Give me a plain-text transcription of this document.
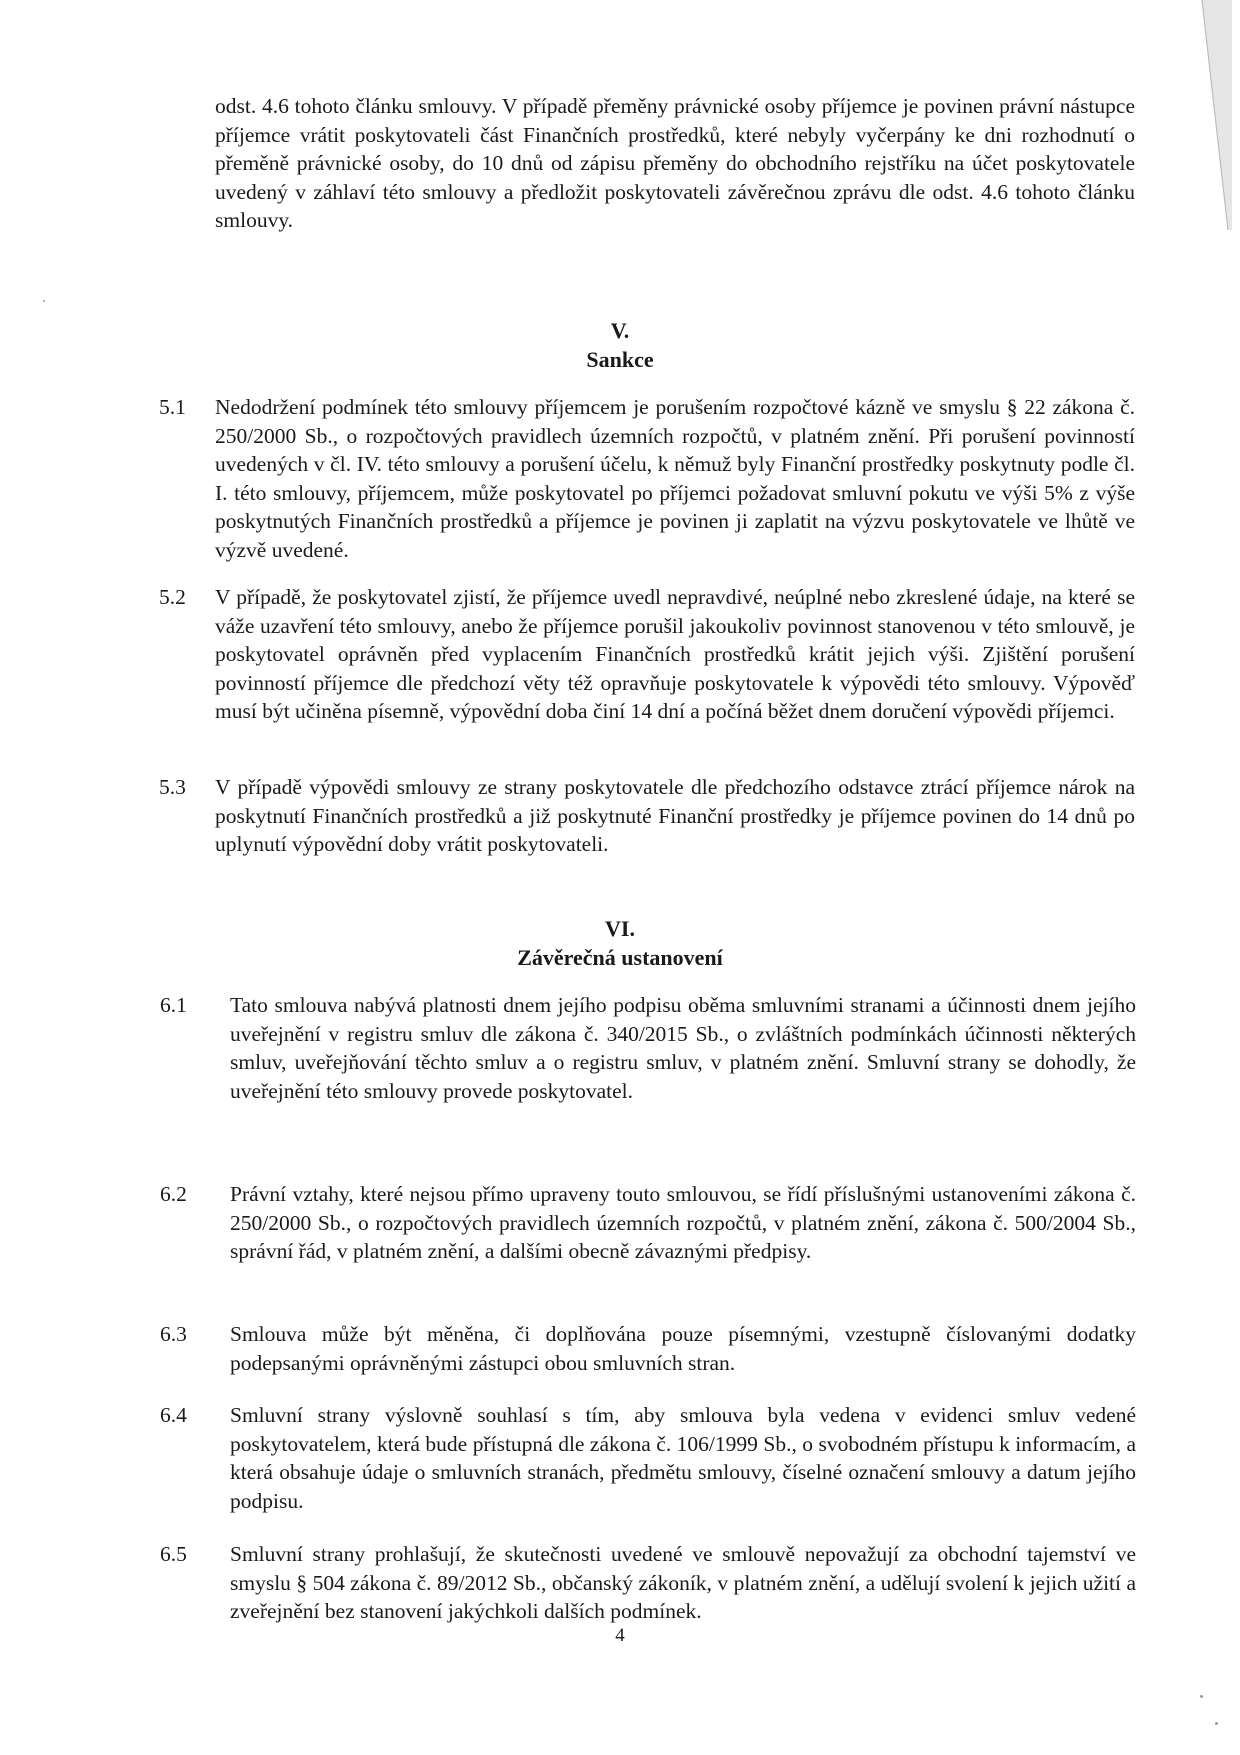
odst. 4.6 tohoto článku smlouvy. V případě přeměny právnické osoby příjemce je povinen právní nástupce příjemce vrátit poskytovateli část Finančních prostředků, které nebyly vyčerpány ke dni rozhodnutí o přeměně právnické osoby, do 10 dnů od zápisu přeměny do obchodního rejstříku na účet poskytovatele uvedený v záhlaví této smlouvy a předložit poskytovateli závěrečnou zprávu dle odst. 4.6 tohoto článku smlouvy.

V.
Sankce
5.1 Nedodržení podmínek této smlouvy příjemcem je porušením rozpočtové kázně ve smyslu § 22 zákona č. 250/2000 Sb., o rozpočtových pravidlech územních rozpočtů, v platném znění. Při porušení povinností uvedených v čl. IV. této smlouvy a porušení účelu, k němuž byly Finanční prostředky poskytnuty podle čl. I. této smlouvy, příjemcem, může poskytovatel po příjemci požadovat smluvní pokutu ve výši 5% z výše poskytnutých Finančních prostředků a příjemce je povinen ji zaplatit na výzvu poskytovatele ve lhůtě ve výzvě uvedené.
5.2 V případě, že poskytovatel zjistí, že příjemce uvedl nepravdivé, neúplné nebo zkreslené údaje, na které se váže uzavření této smlouvy, anebo že příjemce porušil jakoukoliv povinnost stanovenou v této smlouvě, je poskytovatel oprávněn před vyplacením Finančních prostředků krátit jejich výši. Zjištění porušení povinností příjemce dle předchozí věty též opravňuje poskytovatele k výpovědi této smlouvy. Výpověď musí být učiněna písemně, výpovědní doba činí 14 dní a počíná běžet dnem doručení výpovědi příjemci.
5.3 V případě výpovědi smlouvy ze strany poskytovatele dle předchozího odstavce ztrácí příjemce nárok na poskytnutí Finančních prostředků a již poskytnuté Finanční prostředky je příjemce povinen do 14 dnů po uplynutí výpovědní doby vrátit poskytovateli.
VI.
Závěrečná ustanovení
6.1 Tato smlouva nabývá platnosti dnem jejího podpisu oběma smluvními stranami a účinnosti dnem jejího uveřejnění v registru smluv dle zákona č. 340/2015 Sb., o zvláštních podmínkách účinnosti některých smluv, uveřejňování těchto smluv a o registru smluv, v platném znění. Smluvní strany se dohodly, že uveřejnění této smlouvy provede poskytovatel.
6.2 Právní vztahy, které nejsou přímo upraveny touto smlouvou, se řídí příslušnými ustanoveními zákona č. 250/2000 Sb., o rozpočtových pravidlech územních rozpočtů, v platném znění, zákona č. 500/2004 Sb., správní řád, v platném znění, a dalšími obecně závaznými předpisy.
6.3 Smlouva může být měněna, či doplňována pouze písemnými, vzestupně číslovanými dodatky podepsanými oprávněnými zástupci obou smluvních stran.
6.4 Smluvní strany výslovně souhlasí s tím, aby smlouva byla vedena v evidenci smluv vedené poskytovatelem, která bude přístupná dle zákona č. 106/1999 Sb., o svobodném přístupu k informacím, a která obsahuje údaje o smluvních stranách, předmětu smlouvy, číselné označení smlouvy a datum jejího podpisu.
6.5 Smluvní strany prohlašují, že skutečnosti uvedené ve smlouvě nepovažují za obchodní tajemství ve smyslu § 504 zákona č. 89/2012 Sb., občanský zákoník, v platném znění, a udělují svolení k jejich užití a zveřejnění bez stanovení jakýchkoli dalších podmínek.
4
